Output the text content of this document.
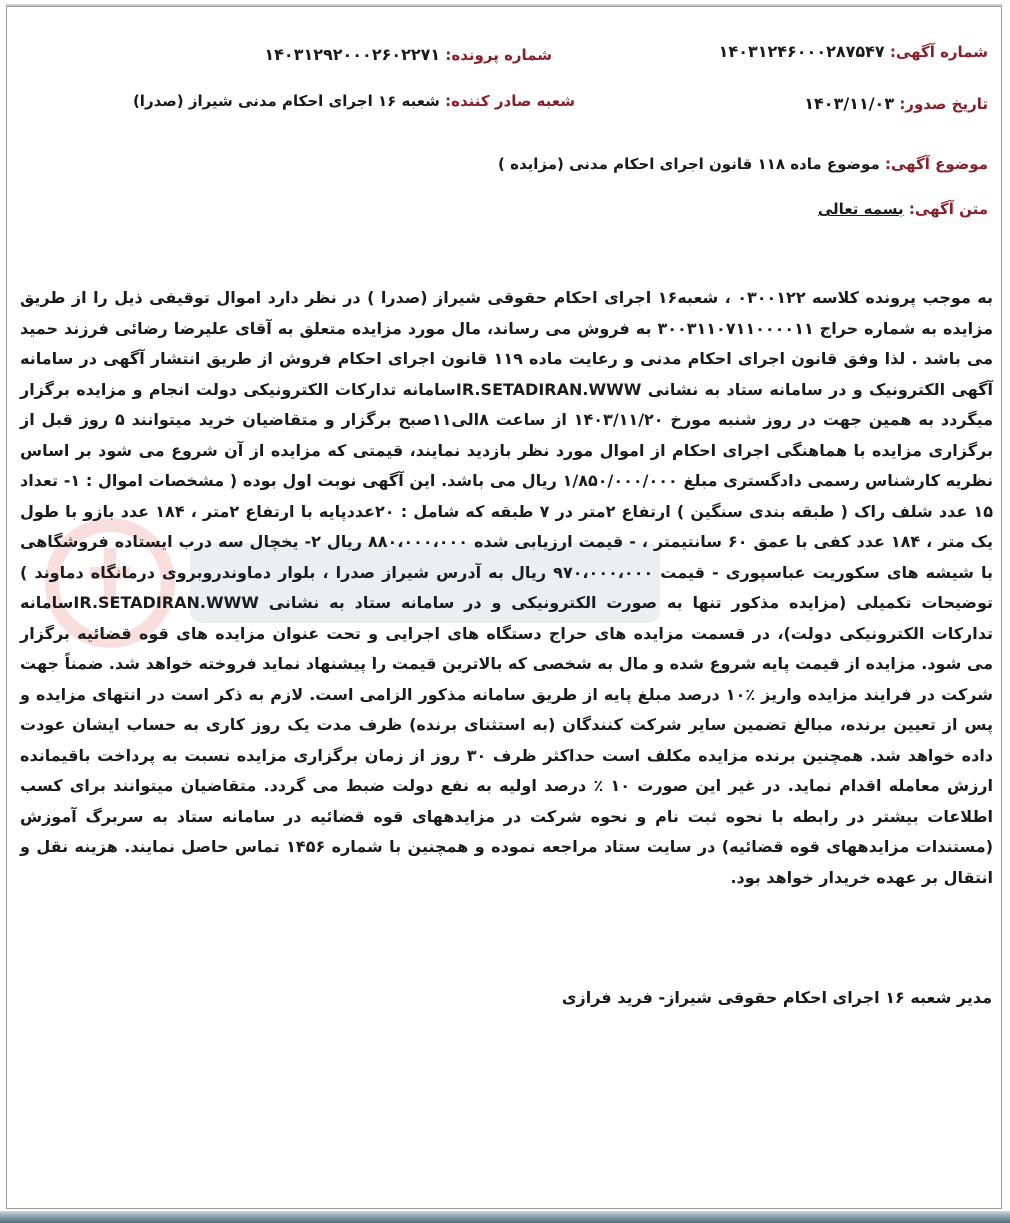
شماره آگهی: ۱۴۰۳۱۲۴۶۰۰۰۲۸۷۵۴۷
شماره پرونده: ۱۴۰۳۱۲۹۲۰۰۰۲۶۰۲۲۷۱
تاریخ صدور: ۱۴۰۳/۱۱/۰۳
شعبه صادر کننده: شعبه ۱۶ اجرای احکام مدنی شیراز (صدرا)
موضوع آگهی: موضوع ماده ۱۱۸ قانون اجرای احکام مدنی (مزایده )
متن آگهی: بسمه تعالی
به موجب پرونده کلاسه ۰۳۰۰۱۲۲ ، شعبه۱۶ اجرای احکام حقوقی شیراز (صدرا ) در نظر دارد اموال توقیفی ذیل را از طریق مزایده به شماره حراج ۳۰۰۳۱۱۰۷۱۱۰۰۰۰۱۱ به فروش می رساند، مال مورد مزایده متعلق به آقای علیرضا رضائی فرزند حمید می باشد . لذا وفق قانون اجرای احکام مدنی و رعایت ماده ۱۱۹ قانون اجرای احکام فروش از طریق انتشار آگهی در سامانه آگهی الکترونیک و در سامانه ستاد به نشانی IR.SETADIRAN.WWWسامانه تدارکات الکترونیکی دولت انجام و مزایده برگزار میگردد به همین جهت در روز شنبه مورخ ۱۴۰۳/۱۱/۲۰ از ساعت ۸الی۱۱صبح برگزار و متقاضیان خرید میتوانند ۵ روز قبل از برگزاری مزایده با هماهنگی اجرای احکام از اموال مورد نظر بازدید نمایند، قیمتی که مزایده از آن شروع می شود بر اساس نظریه کارشناس رسمی دادگستری مبلغ ۱/۸۵۰/۰۰۰/۰۰۰ ریال می باشد. این آگهی نوبت اول بوده ( مشخصات اموال : ۱- تعداد ۱۵ عدد شلف راک ( طبقه بندی سنگین ) ارتفاع ۲متر در ۷ طبقه که شامل : ۲۰عددپایه با ارتفاع ۲متر ، ۱۸۴ عدد بازو با طول یک متر ، ۱۸۴ عدد کفی با عمق ۶۰ سانتیمتر ، - قیمت ارزیابی شده ۸۸۰،۰۰۰،۰۰۰ ریال ۲- یخچال سه درب ایستاده فروشگاهی با شیشه های سکوریت عباسپوری - قیمت ۹۷۰،۰۰۰،۰۰۰ ریال به آدرس شیراز صدرا ، بلوار دماوندروبروی درمانگاه دماوند ) توضیحات تکمیلی (مزایده مذکور تنها به صورت الکترونیکی و در سامانه ستاد به نشانی IR.SETADIRAN.WWWسامانه تدارکات الکترونیکی دولت)، در قسمت مزایده های حراج دستگاه های اجرایی و تحت عنوان مزایده های قوه قضائیه برگزار می شود. مزایده از قیمت پایه شروع شده و مال به شخصی که بالاترین قیمت را پیشنهاد نماید فروخته خواهد شد. ضمناً جهت شرکت در فرایند مزایده واریز ٪۱۰ درصد مبلغ پایه از طریق سامانه مذکور الزامی است. لازم به ذکر است در انتهای مزایده و پس از تعیین برنده، مبالغ تضمین سایر شرکت کنندگان (به استثنای برنده) ظرف مدت یک روز کاری به حساب ایشان عودت داده خواهد شد. همچنین برنده مزایده مکلف است حداکثر ظرف ۳۰ روز از زمان برگزاری مزایده نسبت به پرداخت باقیمانده ارزش معامله اقدام نماید. در غیر این صورت ۱۰ ٪ درصد اولیه به نفع دولت ضبط می گردد. متقاضیان میتوانند برای کسب اطلاعات بیشتر در رابطه با نحوه ثبت نام و نحوه شرکت در مزایدههای قوه قضائیه در سامانه ستاد به سربرگ آموزش (مستندات مزایدههای قوه قضائیه) در سایت ستاد مراجعه نموده و همچنین با شماره ۱۴۵۶ تماس حاصل نمایند. هزینه نقل و انتقال بر عهده خریدار خواهد بود.
مدیر شعبه ۱۶ اجرای احکام حقوقی شیراز- فرید فرازی
